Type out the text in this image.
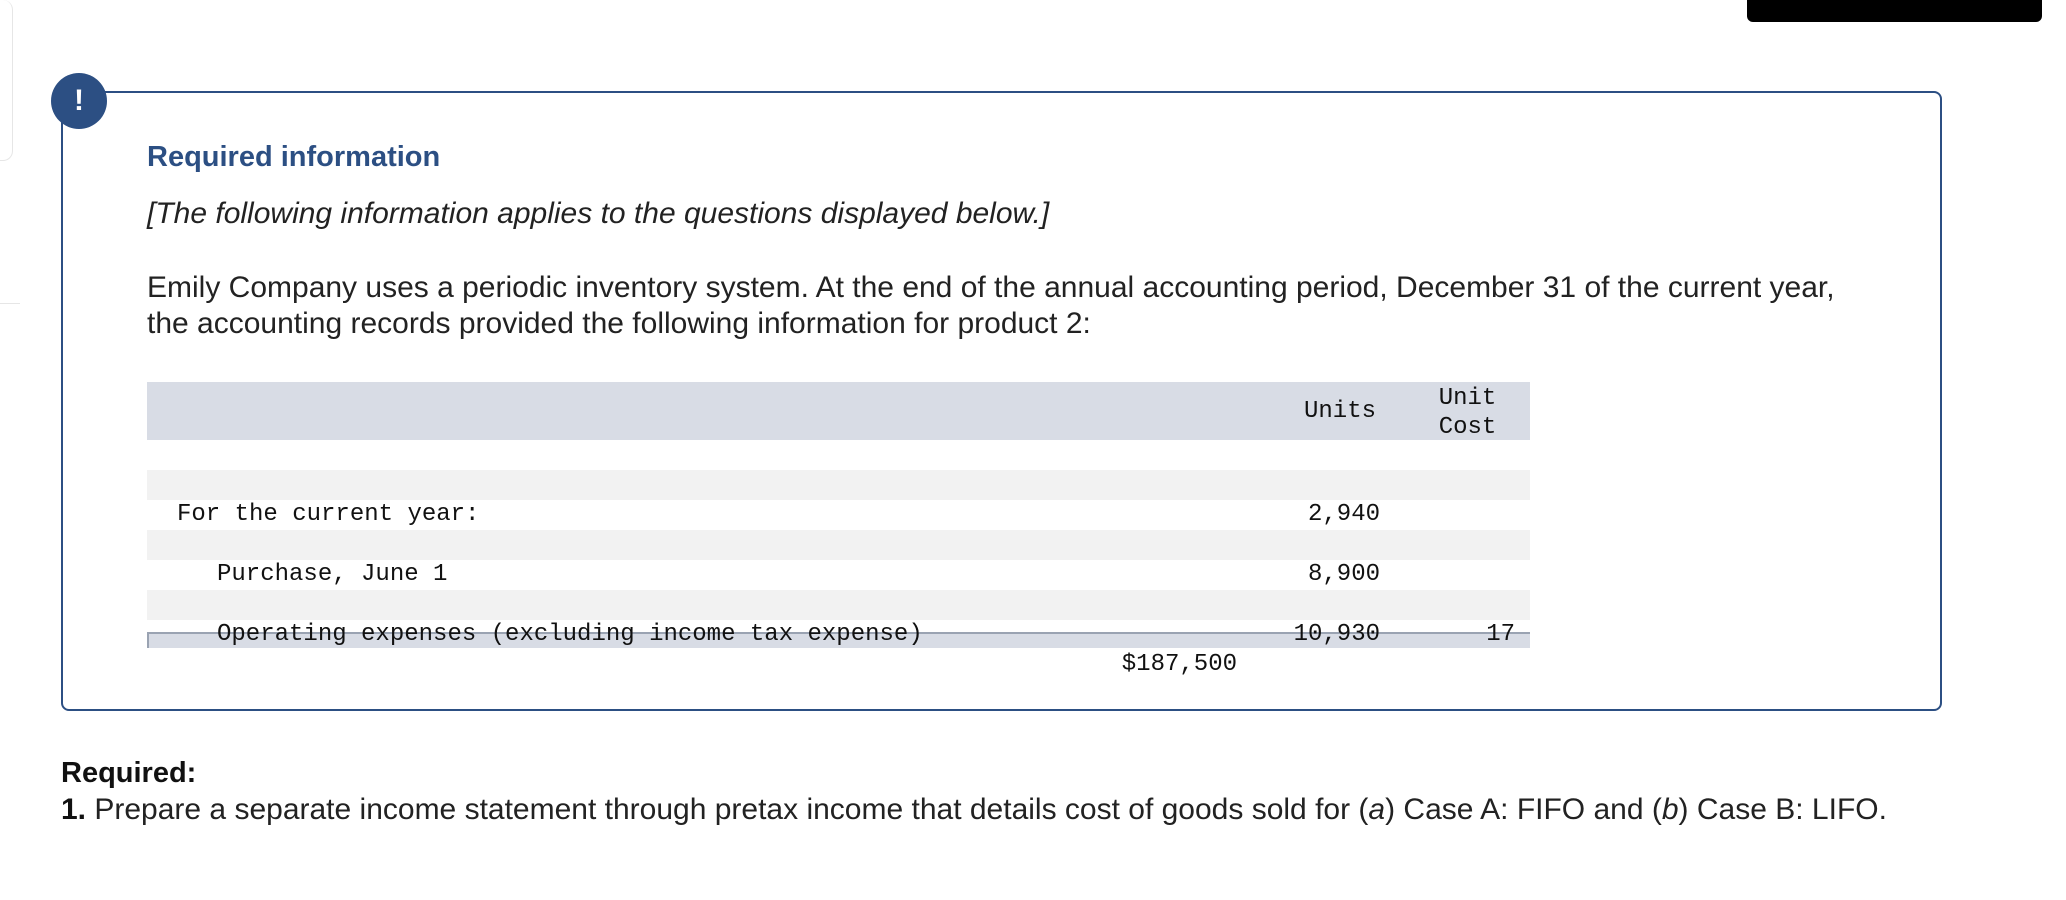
!
Required information
[The following information applies to the questions displayed below.]
Emily Company uses a periodic inventory system. At the end of the annual accounting period, December 31 of the current year, the accounting records provided the following information for product 2:
Units	Unit
Cost

2,940

For the current year:

8,900

Purchase, June 1

17

10,930

Operating expenses (excluding income tax expense)

$187,500

Required:
1. Prepare a separate income statement through pretax income that details cost of goods sold for (a) Case A: FIFO and (b) Case B: LIFO.
